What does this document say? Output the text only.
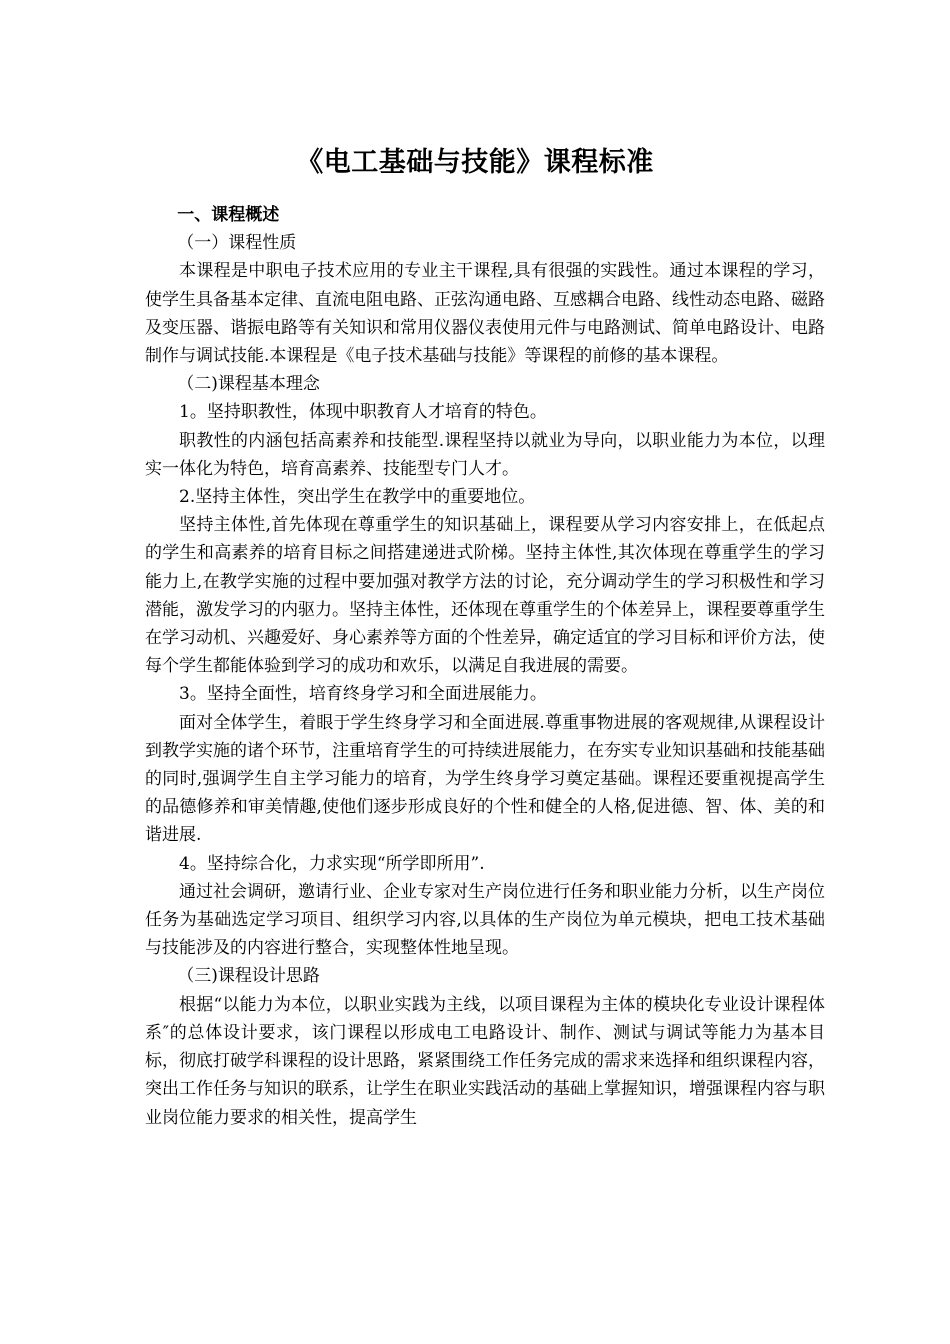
《电工基础与技能》课程标准

一、课程概述

（一）课程性质

本课程是中职电子技术应用的专业主干课程,具有很强的实践性。通过本课程的学习，使学生具备基本定律、直流电阻电路、正弦沟通电路、互感耦合电路、线性动态电路、磁路及变压器、谐振电路等有关知识和常用仪器仪表使用元件与电路测试、简单电路设计、电路制作与调试技能.本课程是《电子技术基础与技能》等课程的前修的基本课程。

（二)课程基本理念

1。坚持职教性，体现中职教育人才培育的特色。

职教性的内涵包括高素养和技能型.课程坚持以就业为导向，以职业能力为本位，以理实一体化为特色，培育高素养、技能型专门人才。

2.坚持主体性，突出学生在教学中的重要地位。

坚持主体性,首先体现在尊重学生的知识基础上，课程要从学习内容安排上，在低起点的学生和高素养的培育目标之间搭建递进式阶梯。坚持主体性,其次体现在尊重学生的学习能力上,在教学实施的过程中要加强对教学方法的讨论，充分调动学生的学习积极性和学习潜能，激发学习的内驱力。坚持主体性，还体现在尊重学生的个体差异上，课程要尊重学生在学习动机、兴趣爱好、身心素养等方面的个性差异，确定适宜的学习目标和评价方法，使每个学生都能体验到学习的成功和欢乐，以满足自我进展的需要。

3。坚持全面性，培育终身学习和全面进展能力。

面对全体学生，着眼于学生终身学习和全面进展.尊重事物进展的客观规律,从课程设计到教学实施的诸个环节，注重培育学生的可持续进展能力，在夯实专业知识基础和技能基础的同时,强调学生自主学习能力的培育，为学生终身学习奠定基础。课程还要重视提高学生的品德修养和审美情趣,使他们逐步形成良好的个性和健全的人格,促进德、智、体、美的和谐进展.

4。坚持综合化，力求实现“所学即所用”.

通过社会调研，邀请行业、企业专家对生产岗位进行任务和职业能力分析，以生产岗位任务为基础选定学习项目、组织学习内容,以具体的生产岗位为单元模块，把电工技术基础与技能涉及的内容进行整合，实现整体性地呈现。

（三)课程设计思路

根据“以能力为本位，以职业实践为主线，以项目课程为主体的模块化专业设计课程体系″的总体设计要求，该门课程以形成电工电路设计、制作、测试与调试等能力为基本目标，彻底打破学科课程的设计思路，紧紧围绕工作任务完成的需求来选择和组织课程内容，突出工作任务与知识的联系，让学生在职业实践活动的基础上掌握知识，增强课程内容与职业岗位能力要求的相关性，提高学生
